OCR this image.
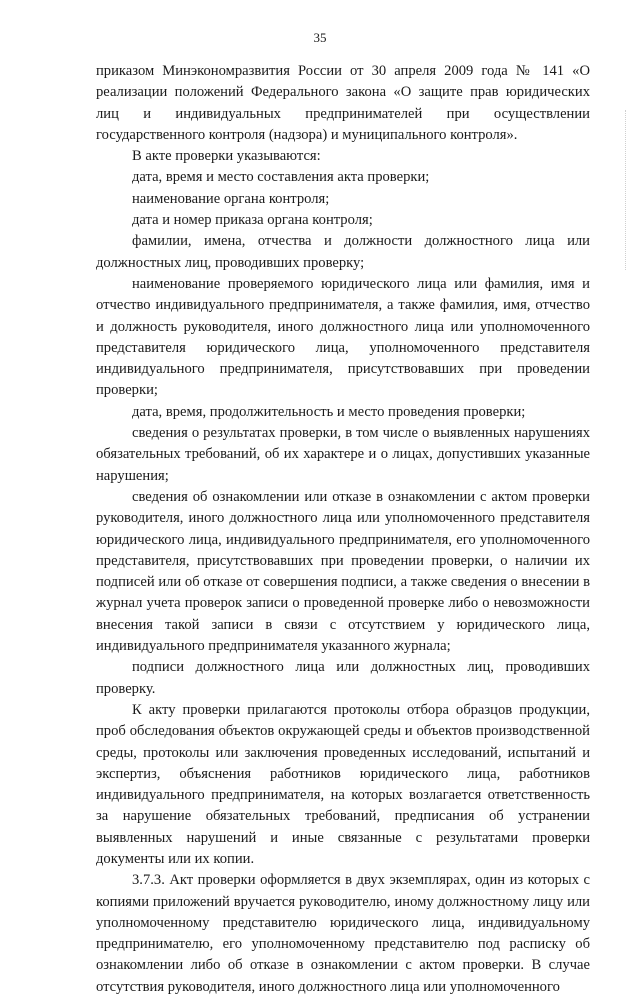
35

приказом Минэкономразвития России от 30 апреля 2009 года № 141 «О реализации положений Федерального закона «О защите прав юридических лиц и индивидуальных предпринимателей при осуществлении государственного контроля (надзора) и муниципального контроля».

В акте проверки указываются:

дата, время и место составления акта проверки;

наименование органа контроля;

дата и номер приказа органа контроля;

фамилии, имена, отчества и должности должностного лица или должностных лиц, проводивших проверку;

наименование проверяемого юридического лица или фамилия, имя и отчество индивидуального предпринимателя, а также фамилия, имя, отчество и должность руководителя, иного должностного лица или уполномоченного представителя юридического лица, уполномоченного представителя индивидуального предпринимателя, присутствовавших при проведении проверки;

дата, время, продолжительность и место проведения проверки;

сведения о результатах проверки, в том числе о выявленных нарушениях обязательных требований, об их характере и о лицах, допустивших указанные нарушения;

сведения об ознакомлении или отказе в ознакомлении с актом проверки руководителя, иного должностного лица или уполномоченного представителя юридического лица, индивидуального предпринимателя, его уполномоченного представителя, присутствовавших при проведении проверки, о наличии их подписей или об отказе от совершения подписи, а также сведения о внесении в журнал учета проверок записи о проведенной проверке либо о невозможности внесения такой записи в связи с отсутствием у юридического лица, индивидуального предпринимателя указанного журнала;

подписи должностного лица или должностных лиц, проводивших проверку.

К акту проверки прилагаются протоколы отбора образцов продукции, проб обследования объектов окружающей среды и объектов производственной среды, протоколы или заключения проведенных исследований, испытаний и экспертиз, объяснения работников юридического лица, работников индивидуального предпринимателя, на которых возлагается ответственность за нарушение обязательных требований, предписания об устранении выявленных нарушений и иные связанные с результатами проверки документы или их копии.

3.7.3. Акт проверки оформляется в двух экземплярах, один из которых с копиями приложений вручается руководителю, иному должностному лицу или уполномоченному представителю юридического лица, индивидуальному предпринимателю, его уполномоченному представителю под расписку об ознакомлении либо об отказе в ознакомлении с актом проверки. В случае отсутствия руководителя, иного должностного лица или уполномоченного
